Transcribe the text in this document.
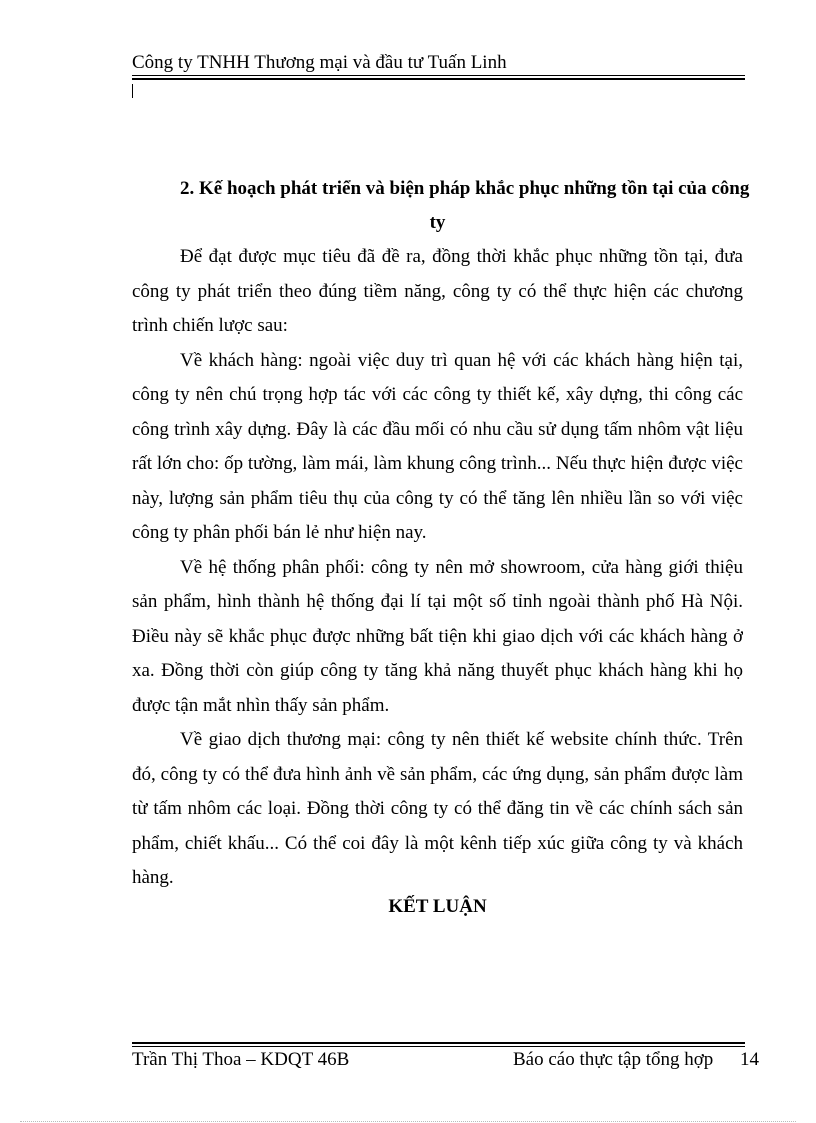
Công ty TNHH Thương mại và đầu tư Tuấn Linh
2. Kế hoạch phát triển và biện pháp khắc phục những tồn tại của công
ty
Để đạt được mục tiêu đã đề ra, đồng thời khắc phục những tồn tại, đưa
công ty phát triển theo đúng tiềm năng, công ty có thể thực hiện các chương
trình chiến lược sau:
Về khách hàng: ngoài việc duy trì quan hệ với các khách hàng hiện tại,
công ty nên chú trọng hợp tác với các công ty thiết kế, xây dựng, thi công các
công trình xây dựng. Đây là các đầu mối có nhu cầu sử dụng tấm nhôm vật liệu
rất lớn cho: ốp tường, làm mái, làm khung công trình... Nếu thực hiện được việc
này, lượng sản phẩm tiêu thụ của công ty có thể tăng lên nhiều lần so với việc
công ty phân phối bán lẻ như hiện nay.
Về hệ thống phân phối: công ty nên mở showroom, cửa hàng giới thiệu
sản phẩm, hình thành hệ thống đại lí tại một số tỉnh ngoài thành phố Hà Nội.
Điều này sẽ khắc phục được những bất tiện khi giao dịch với các khách hàng ở
xa. Đồng thời còn giúp công ty tăng khả năng thuyết phục khách hàng khi họ
được tận mắt nhìn thấy sản phẩm.
Về giao dịch thương mại: công ty nên thiết kế website chính thức. Trên
đó, công ty có thể đưa hình ảnh về sản phẩm, các ứng dụng, sản phẩm được làm
từ tấm nhôm các loại. Đồng thời công ty có thể đăng tin về các chính sách sản
phẩm, chiết khấu... Có thể coi đây là một kênh tiếp xúc giữa công ty và khách
hàng.
KẾT LUẬN
Trần Thị Thoa – KDQT 46B	Báo cáo thực tập tổng hợp 14
